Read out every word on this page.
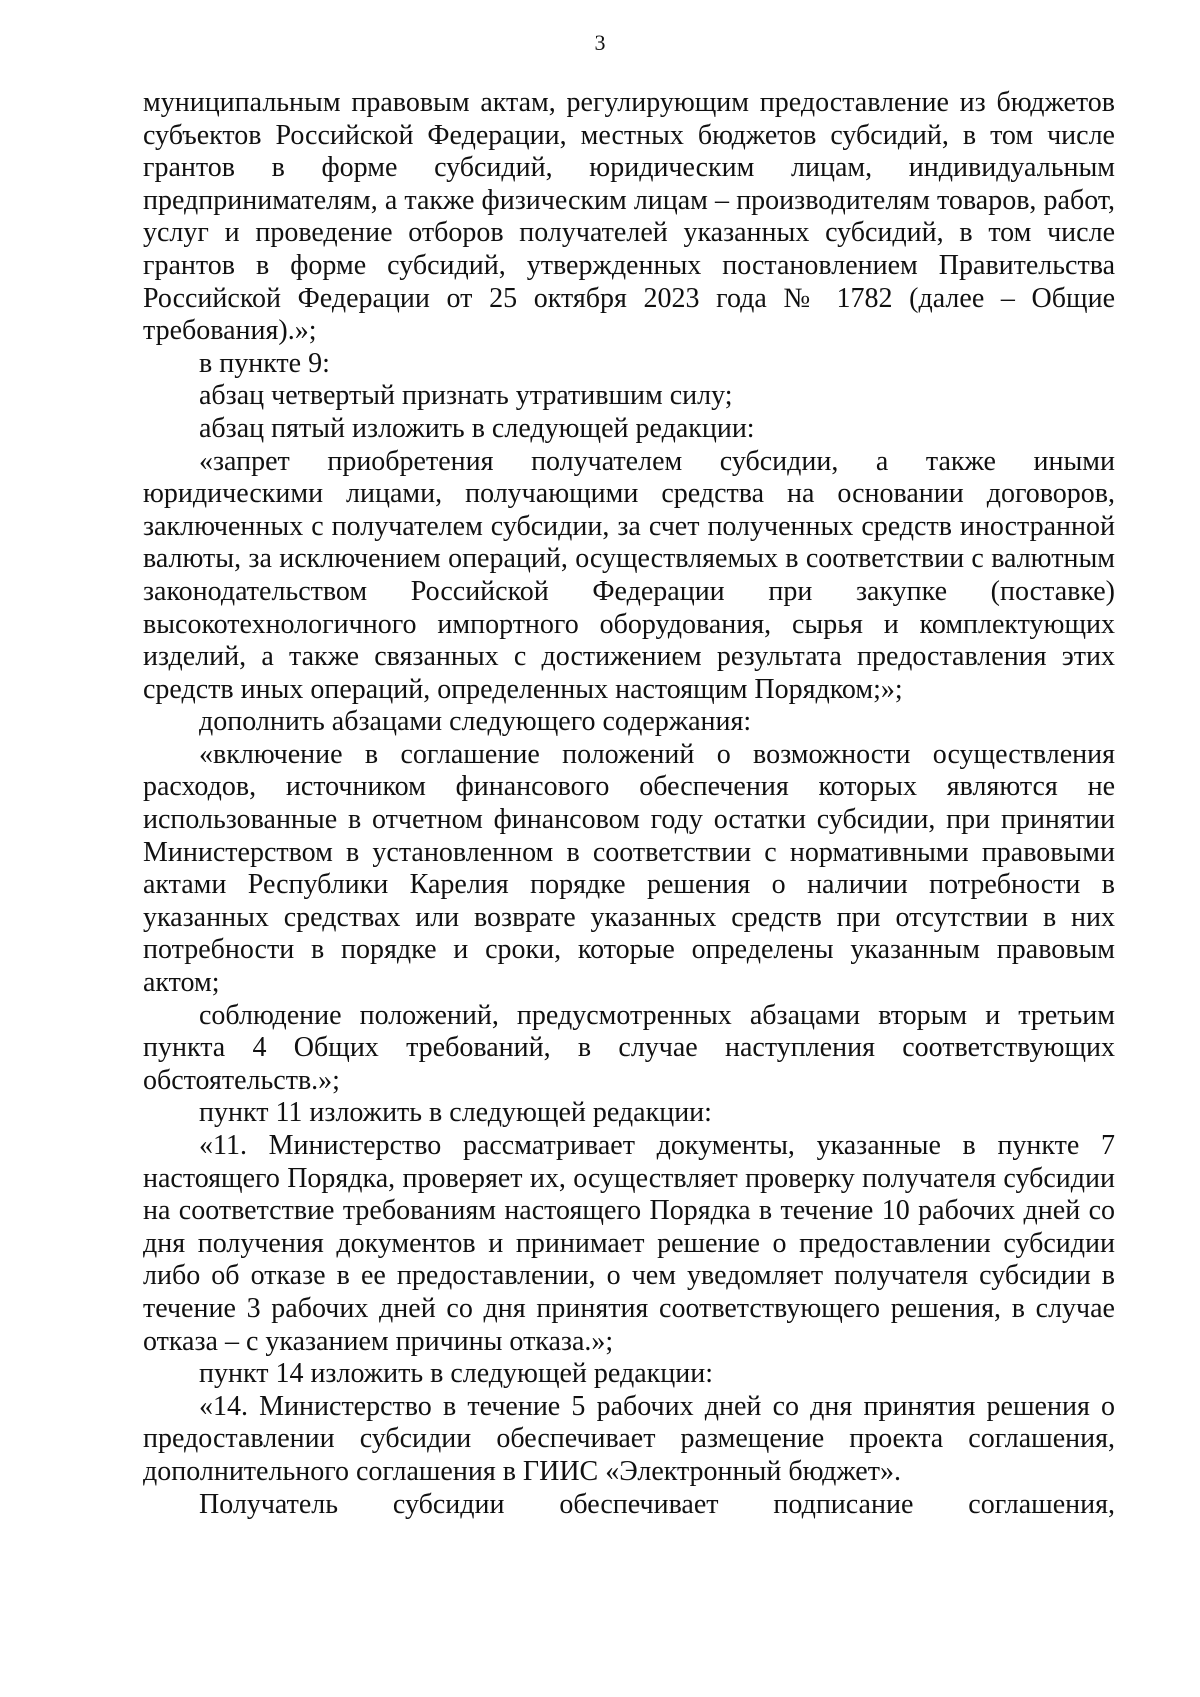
3

муниципальным правовым актам, регулирующим предоставление из бюджетов субъектов Российской Федерации, местных бюджетов субсидий, в том числе грантов в форме субсидий, юридическим лицам, индивидуальным предпринимателям, а также физическим лицам – производителям товаров, работ, услуг и проведение отборов получателей указанных субсидий, в том числе грантов в форме субсидий, утвержденных постановлением Правительства Российской Федерации от 25 октября 2023 года № 1782 (далее – Общие требования).»;

в пункте 9:

абзац четвертый признать утратившим силу;

абзац пятый изложить в следующей редакции:

«запрет приобретения получателем субсидии, а также иными юридическими лицами, получающими средства на основании договоров, заключенных с получателем субсидии, за счет полученных средств иностранной валюты, за исключением операций, осуществляемых в соответствии с валютным законодательством Российской Федерации при закупке (поставке) высокотехнологичного импортного оборудования, сырья и комплектующих изделий, а также связанных с достижением результата предоставления этих средств иных операций, определенных настоящим Порядком;»;

дополнить абзацами следующего содержания:

«включение в соглашение положений о возможности осуществления расходов, источником финансового обеспечения которых являются не использованные в отчетном финансовом году остатки субсидии, при принятии Министерством в установленном в соответствии с нормативными правовыми актами Республики Карелия порядке решения о наличии потребности в указанных средствах или возврате указанных средств при отсутствии в них потребности в порядке и сроки, которые определены указанным правовым актом;

соблюдение положений, предусмотренных абзацами вторым и третьим пункта 4 Общих требований, в случае наступления соответствующих обстоятельств.»;

пункт 11 изложить в следующей редакции:

«11. Министерство рассматривает документы, указанные в пункте 7 настоящего Порядка, проверяет их, осуществляет проверку получателя субсидии на соответствие требованиям настоящего Порядка в течение 10 рабочих дней со дня получения документов и принимает решение о предоставлении субсидии либо об отказе в ее предоставлении, о чем уведомляет получателя субсидии в течение 3 рабочих дней со дня принятия соответствующего решения, в случае отказа – с указанием причины отказа.»;

пункт 14 изложить в следующей редакции:

«14. Министерство в течение 5 рабочих дней со дня принятия решения о предоставлении субсидии обеспечивает размещение проекта соглашения, дополнительного соглашения в ГИИС «Электронный бюджет».

Получатель субсидии обеспечивает подписание соглашения,
